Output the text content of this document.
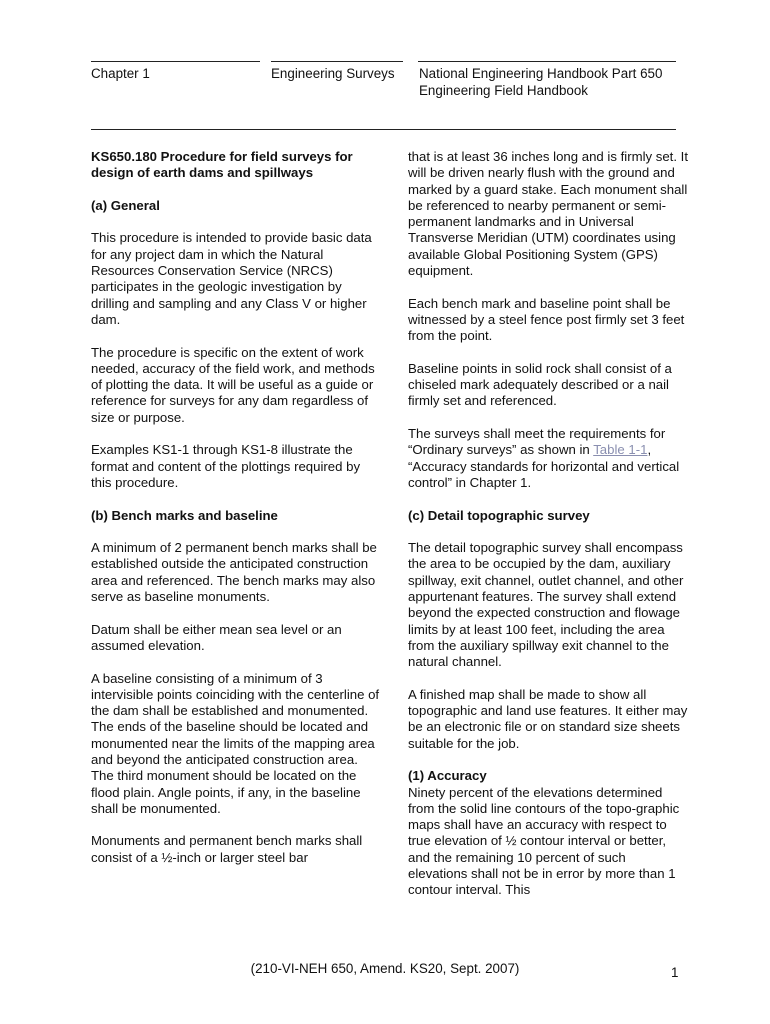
Chapter 1	Engineering Surveys National Engineering Handbook Part 650
Engineering Field Handbook
KS650.180 Procedure for field surveys for design of earth dams and spillways
(a) General

This procedure is intended to provide basic data for any project dam in which the Natural Resources Conservation Service (NRCS) participates in the geologic investigation by drilling and sampling and any Class V or higher dam.

The procedure is specific on the extent of work needed, accuracy of the field work, and methods of plotting the data. It will be useful as a guide or reference for surveys for any dam regardless of size or purpose.

Examples KS1-1 through KS1-8 illustrate the format and content of the plottings required by this procedure.

(b) Bench marks and baseline

A minimum of 2 permanent bench marks shall be established outside the anticipated construction area and referenced. The bench marks may also serve as baseline monuments.

Datum shall be either mean sea level or an assumed elevation.

A baseline consisting of a minimum of 3 intervisible points coinciding with the centerline of the dam shall be established and monumented. The ends of the baseline should be located and monumented near the limits of the mapping area and beyond the anticipated construction area. The third monument should be located on the flood plain. Angle points, if any, in the baseline shall be monumented.

Monuments and permanent bench marks shall consist of a ½-inch or larger steel bar

that is at least 36 inches long and is firmly set. It will be driven nearly flush with the ground and marked by a guard stake. Each monument shall be referenced to nearby permanent or semi-permanent landmarks and in Universal Transverse Meridian (UTM) coordinates using available Global Positioning System (GPS) equipment.

Each bench mark and baseline point shall be witnessed by a steel fence post firmly set 3 feet from the point.

Baseline points in solid rock shall consist of a chiseled mark adequately described or a nail firmly set and referenced.

The surveys shall meet the requirements for “Ordinary surveys” as shown in Table 1-1, “Accuracy standards for horizontal and vertical control” in Chapter 1.

(c) Detail topographic survey

The detail topographic survey shall encompass the area to be occupied by the dam, auxiliary spillway, exit channel, outlet channel, and other appurtenant features. The survey shall extend beyond the expected construction and flowage limits by at least 100 feet, including the area from the auxiliary spillway exit channel to the natural channel.

A finished map shall be made to show all topographic and land use features. It either may be an electronic file or on standard size sheets suitable for the job.

(1) Accuracy

Ninety percent of the elevations determined from the solid line contours of the topo-graphic maps shall have an accuracy with respect to true elevation of ½ contour interval or better, and the remaining 10 percent of such elevations shall not be in error by more than 1 contour interval. This

(210-VI-NEH 650, Amend. KS20, Sept. 2007)	1
